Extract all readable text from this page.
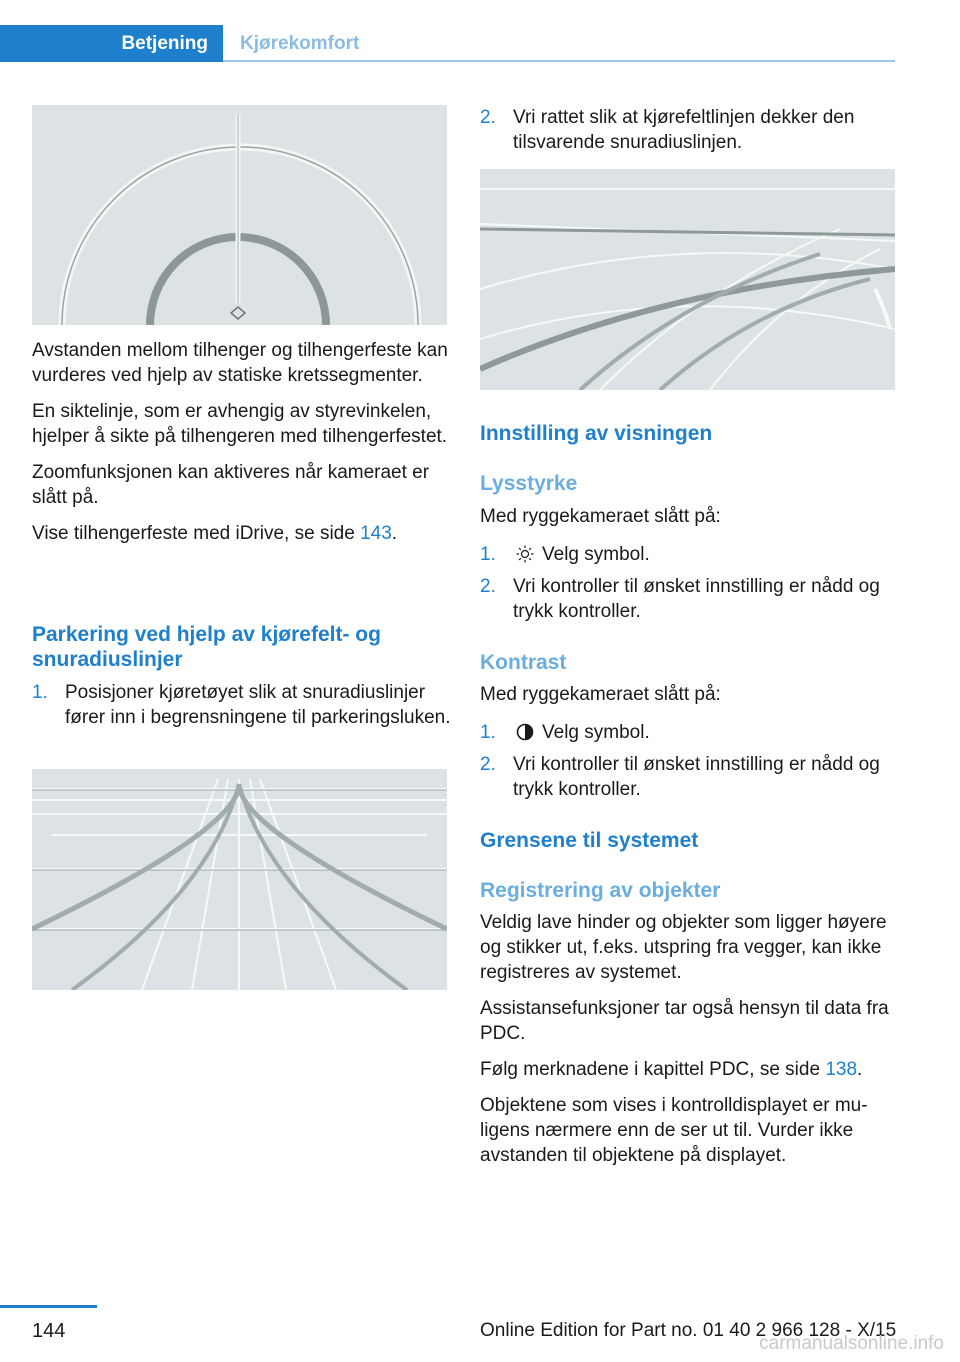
Betjening	Kjørekomfort

Avstanden mellom tilhenger og tilhengerfeste kan vurderes ved hjelp av statiske kretssegmenter.

En siktelinje, som er avhengig av styrevinkelen, hjelper å sikte på tilhengeren med tilhengerfestet.

Zoomfunksjonen kan aktiveres når kameraet er slått på.

Vise tilhengerfeste med iDrive, se side 143.

Parkering ved hjelp av kjørefelt- og snuradiuslinjer
1. Posisjoner kjøretøyet slik at snuradiuslinjer fører inn i begrensningene til parkeringsluken.
2. Vri rattet slik at kjørefeltlinjen dekker den tilsvarende snuradiuslinjen.
Innstilling av visningen
Lysstyrke
Med ryggekameraet slått på:
1. Velg symbol.
2. Vri kontroller til ønsket innstilling er nådd og trykk kontroller.
Kontrast
Med ryggekameraet slått på:
1. Velg symbol.
2. Vri kontroller til ønsket innstilling er nådd og trykk kontroller.
Grensene til systemet
Registrering av objekter

Veldig lave hinder og objekter som ligger høyere og stikker ut, f.eks. utspring fra vegger, kan ikke registreres av systemet.

Assistansefunksjoner tar også hensyn til data fra PDC.

Følg merknadene i kapittel PDC, se side 138.

Objektene som vises i kontrolldisplayet er muligens nærmere enn de ser ut til. Vurder ikke avstanden til objektene på displayet.

144	Online Edition for Part no. 01 40 2 966 128 - X/15
carmanualsonline.info
